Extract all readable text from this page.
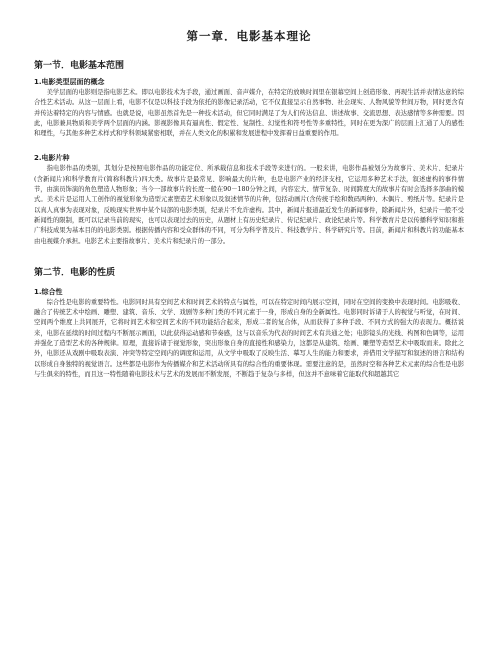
第一章．电影基本理论
第一节．电影基本范围
1.电影类型层面的概念

美学层面的电影则是指电影艺术。即以电影技术为手段，通过画面、音声媒介，在特定的放映时间里在银幕空间上创造形象、再现生活并表情达意的综合性艺术活动。从这一层面上看，电影不仅是以科技手段为依托的影像记录活动，它不仅直接呈示自然事物、社会现实、人物风貌等世间万物，同时更含有并传达着特定的内容与情感。也就是说，电影虽然首先是一种技术活动，但它同时满足了为人们传达信息、讲述故事、交流思想、表达感情等多种需要。因此，电影兼具物质和美学两个层面的内涵。影视影像具有逼真性、假定性、复制性、幻觉性和符号性等多重特性，同时在更为深广的层面上汇通了人的感性和理性，与其他多种艺术样式和学科领域紧密相联，并在人类文化的积累和发展进程中发挥着日益重要的作用。

2.电影片种

指电影作品的类别，其划分是按照电影作品的功能定位、所承载信息和技术手段等来进行的。一般来讲，电影作品被划分为故事片、美术片、纪录片(含新闻片)和科学教育片(简称科教片)四大类。故事片是最常见、影响最大的片种，也是电影产业的经济支柱，它运用多种艺术手法，叙述虚构的事件情节，由演员饰演的角色塑造人物形象；当今一部故事片的长度一般在90－180分钟之间，内容宏大、情节复杂、时间跨度大的故事片有时会选择多部曲的模式。美术片是运用人工创作的视觉形象为造型元素塑造艺术形象以及叙述情节的片种，包括动画片(含传统手绘和数码两种)、木偶片、剪纸片等。纪录片是以真人真事为表现对象，反映现实世界中某个局部的电影类别，纪录片不允许虚构。其中，新闻片报道最近发生的新闻事件，除新闻片外，纪录片一般不受新闻性的限制，既可以记录当前的现实，也可以表现过去的历史，从题材上有历史纪录片、传记纪录片、政论纪录片等。科学教育片是以传播科学知识和推广科技成果为基本目的的电影类别。根据传播内容和受众群体的不同，可分为科学普及片、科技教学片、科学研究片等。目前，新闻片和科教片的功能基本由电视媒介承担。电影艺术主要指故事片、美术片和纪录片的一部分。

第二节．电影的性质
1.综合性

综合性是电影的重要特性。电影同时具有空间艺术和时间艺术的特点与属性，可以在特定时间内展示空间，同时在空间的变换中表现时间。电影吸收、融合了传统艺术中绘画、雕塑、建筑、音乐、文学、戏剧等多种门类的不同元素于一身，形成自身的全新属性。电影同时诉诸于人的视觉与听觉，在时间、空间两个维度上共同展开，它将时间艺术和空间艺术的不同功能结合起来，形成二者的复合体，从而获得了多种手段、不同方式的强大的表现力。概括说来，电影在延续的时间过程内不断展示画面，以此获得运动感和节奏感，这与以音乐为代表的时间艺术有共通之处；电影镜头的光线、构图和色调等，运用并强化了造型艺术的各种规律。原理，直接诉诸于视觉形象，突出形象自身的直接性和感染力，这都是从建筑、绘画、雕塑等造型艺术中吸取而来。除此之外，电影还从戏剧中吸取表演、冲突等特定空间内的调度和运用，从文学中吸取了反映生活、摹写人生的能力和要求，并借用文学描写和叙述的语言和结构以形成自身独特的视觉语言。这些都是电影作为传播媒介和艺术活动所具有的综合性的重要体现。需要注意的是，虽然时空和各种艺术元素的综合性是电影与生俱来的特性，而且这一特性随着电影技术与艺术的发展而不断发展，不断趋于复杂与多样，但这并不意味着它能取代和超越其它
